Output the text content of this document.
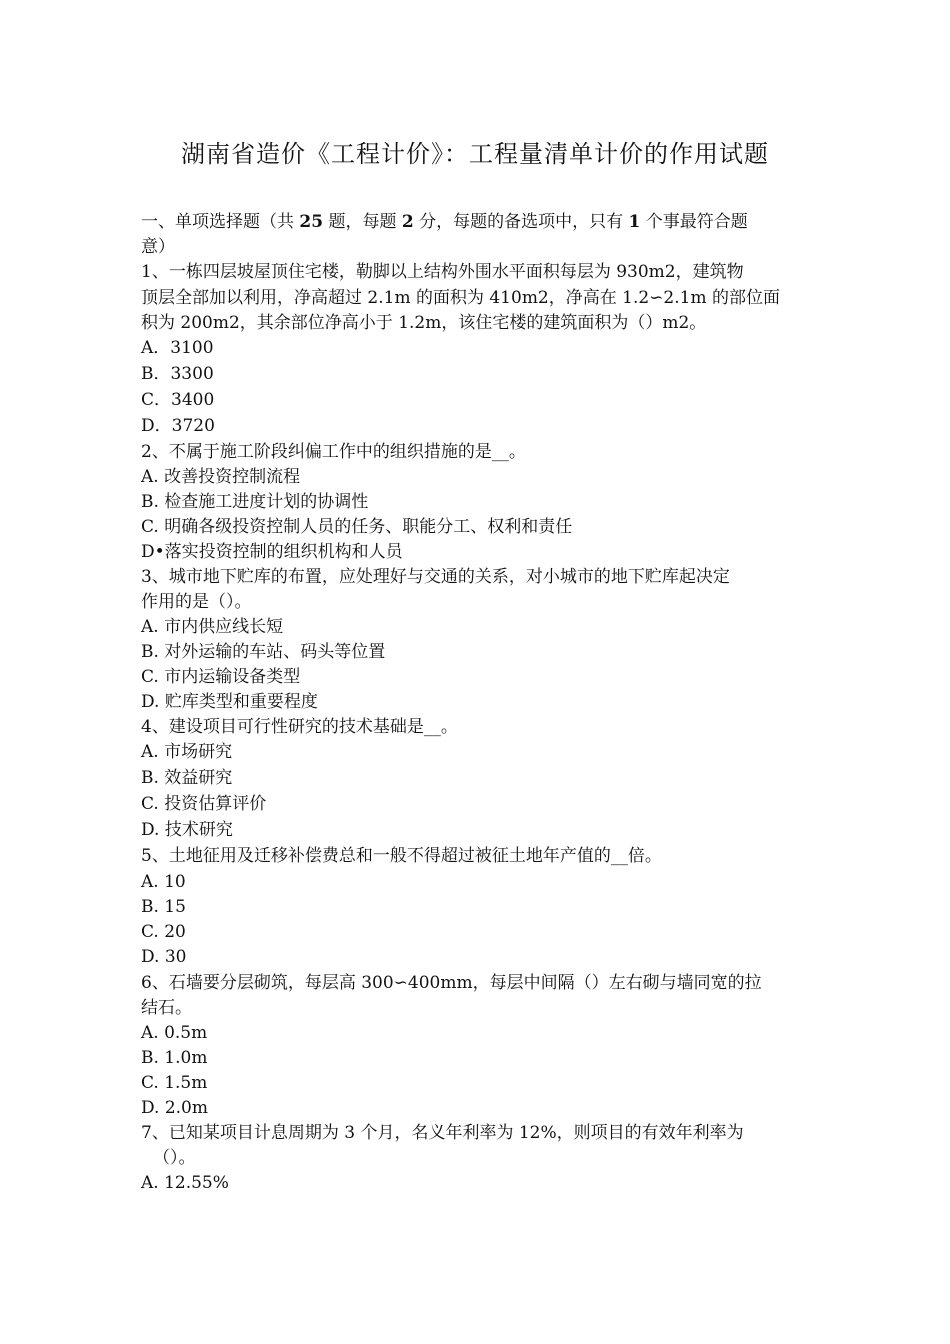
湖南省造价《工程计价》：工程量清单计价的作用试题
一、单项选择题（共 25 题，每题 2 分，每题的备选项中，只有 1 个事最符合题
意）
1、一栋四层坡屋顶住宅楼，勒脚以上结构外围水平面积每层为 930m2，建筑物
顶层全部加以利用，净高超过 2.1m 的面积为 410m2，净高在 1.2∽2.1m 的部位面
积为 200m2，其余部位净高小于 1.2m，该住宅楼的建筑面积为（）m2。
A．3100
B．3300
C．3400
D．3720
2、不属于施工阶段纠偏工作中的组织措施的是__。
A. 改善投资控制流程
B. 检查施工进度计划的协调性
C. 明确各级投资控制人员的任务、职能分工、权利和责任
D•落实投资控制的组织机构和人员
3、城市地下贮库的布置，应处理好与交通的关系，对小城市的地下贮库起决定
作用的是（）。
A. 市内供应线长短
B. 对外运输的车站、码头等位置
C. 市内运输设备类型
D. 贮库类型和重要程度
4、建设项目可行性研究的技术基础是__。
A. 市场研究
B. 效益研究
C. 投资估算评价
D. 技术研究
5、土地征用及迁移补偿费总和一般不得超过被征土地年产值的__倍。
A. 10
B. 15
C. 20
D. 30
6、石墙要分层砌筑，每层高 300∽400mm，每层中间隔（）左右砌与墙同宽的拉
结石。
A. 0.5m
B. 1.0m
C. 1.5m
D. 2.0m
7、已知某项目计息周期为 3 个月，名义年利率为 12%，则项目的有效年利率为
（）。
A. 12.55%
